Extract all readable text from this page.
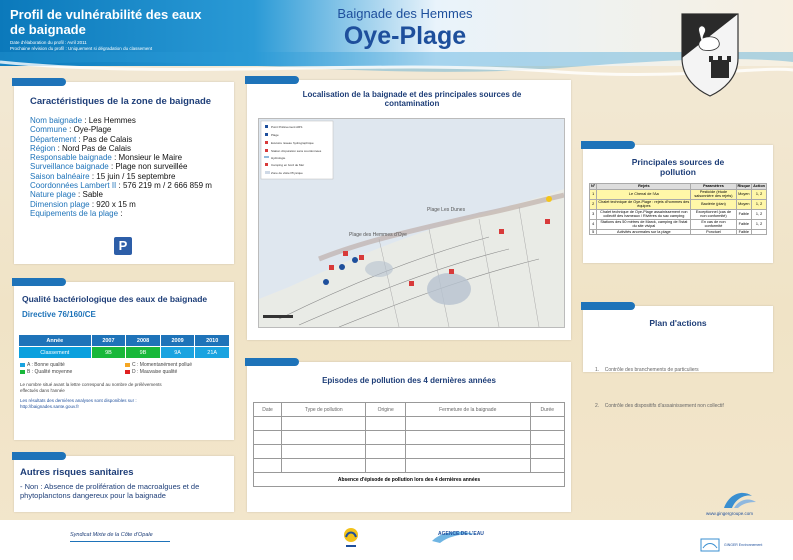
Profil de vulnérabilité des eaux de baignade
Date d'élaboration du profil : Avril 2011
Prochaine révision du profil : Uniquement si dégradation du classement
Baignade des Hemmes
Oye-Plage
Caractéristiques de la zone de baignade
Nom baignade : Les Hemmes
Commune : Oye-Plage
Département : Pas de Calais
Région : Nord Pas de Calais
Responsable baignade : Monsieur le Maire
Surveillance baignade : Plage non surveillée
Saison balnéaire : 15 juin / 15 septembre
Coordonnées Lambert II : 576 219 m / 2 666 859 m
Nature plage : Sable
Dimension plage : 920 x 15 m
Equipements de la plage :
P
Qualité bactériologique des eaux de baignade
Directive 76/160/CE
Année	2007	2008	2009	2010
Classement	9B	9B	9A	21A
A : Bonne qualité	C : Momentanément pollué
B : Qualité moyenne	D : Mauvaise qualité
Le nombre situé avant la lettre correspond au nombre de prélèvements effectués dans l'année
Les résultats des dernières analyses sont disponibles sur :
http://baignades.sante.gouv.fr
Autres risques sanitaires
- Non : Absence de prolifération de macroalgues et de phytoplanctons dangereux pour la baignade
Localisation de la baignade et des principales sources de contamination
Point Prélèvement ARS
Plage
Exutoire réseau hydrographique
Station d'épuration sans coordonnées
Hydrologie
Camping en bord de Mer
Zone de visite Physique
Plage Les Dunes
Plage des Hemmes d'Oye
Episodes de pollution des 4 dernières années
Date	Type de pollution	Origine	Fermeture de la baignade	Durée

Absence d'épisode de pollution lors des 4 dernières années				
Principales sources de pollution
N°	Rejets	Paramètres	Risque	Action
1	Le Chenal de l'Aa	Pesticide (étude saisonnière des rejets)	Moyen	1, 2
2	Chalet technique de Oye-Plage : rejets d'hommes des équipes	Bactérie (plan)	Moyen	1, 2
3	Chalet technique de Oye-Plage assainissement non collectif des hameaux / Rivières du sac camping	Exceptionnel (cas de non conformité)	Faible	1, 2
4	Stations des 50 mètres de Marck, camping de l'Istat du site vivipal	En cas de non conformité	Faible	1, 2
5	Activités anormales sur la plage	Ponctuel	Faible	
Plan d'actions

1.    Contrôle des branchements de particuliers

2.    Contrôle des dispositifs d'assainissement non collectif

www.gingergroupe.com
Syndicat Mixte de la Côte d'Opale	AGENCE DE L'EAU
GINGER Environnement
